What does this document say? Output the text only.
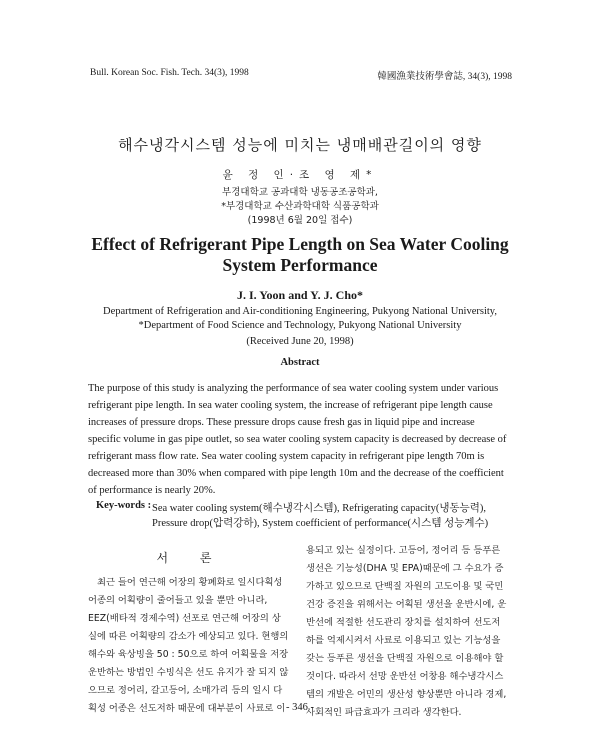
Bull. Korean Soc. Fish. Tech. 34(3), 1998	韓國漁業技術學會誌, 34(3), 1998
해수냉각시스템 성능에 미치는 냉매배관길이의 영향
윤 정 인·조 영 제*
부경대학교 공과대학 냉동공조공학과,
*부경대학교 수산과학대학 식품공학과
(1998년 6월 20일 접수)
Effect of Refrigerant Pipe Length on Sea Water Cooling
System Performance
J. I. Yoon and Y. J. Cho*
Department of Refrigeration and Air-conditioning Engineering, Pukyong National University,
*Department of Food Science and Technology, Pukyong National University
(Received June 20, 1998)
Abstract
The purpose of this study is analyzing the performance of sea water cooling system under various
refrigerant pipe length. In sea water cooling system, the increase of refrigerant pipe length cause
increases of pressure drops. These pressure drops cause fresh gas in liquid pipe and increase
specific volume in gas pipe outlet, so sea water cooling system capacity is decreased by decrease of
refrigerant mass flow rate. Sea water cooling system capacity in refrigerant pipe length 70m is
decreased more than 30% when compared with pipe length 10m and the decrease of the coefficient
of performance is nearly 20%.
Key-words : Sea water cooling system(해수냉각시스템), Refrigerating capacity(냉동능력),
Pressure drop(압력강하), System coefficient of performance(시스템 성능계수)
서 론
최근 들어 연근해 어장의 황폐화로 일시다획성
어종의 어획량이 줄어들고 있을 뿐만 아니라,
EEZ(배타적 경제수역) 선포로 연근해 어장의 상
실에 따른 어획량의 감소가 예상되고 있다. 현행의
해수와 육상빙을 50 : 50으로 하여 어획물을 저장
운반하는 방법인 수빙식은 선도 유지가 잘 되지 않
으므로 정어리, 갈고등어, 소매가리 등의 일시 다
획성 어종은 선도저하 때문에 대부분이 사료로 이
용되고 있는 실정이다. 고등어, 정어리 등 등푸른
생선은 기능성(DHA 및 EPA)때문에 그 수요가 증
가하고 있으므로 단백질 자원의 고도이용 및 국민
건강 증진을 위해서는 어획된 생선을 운반시에, 운
반선에 적절한 선도관리 장치를 설치하여 선도저
하를 억제시켜서 사료로 이용되고 있는 기능성을
갖는 등푸른 생선을 단백질 자원으로 이용해야 할
것이다. 따라서 선망 운반선 어창용 해수냉각시스
템의 개발은 어민의 생산성 향상뿐만 아니라 경제,
사회적인 파급효과가 크리라 생각한다.
- 346 -
